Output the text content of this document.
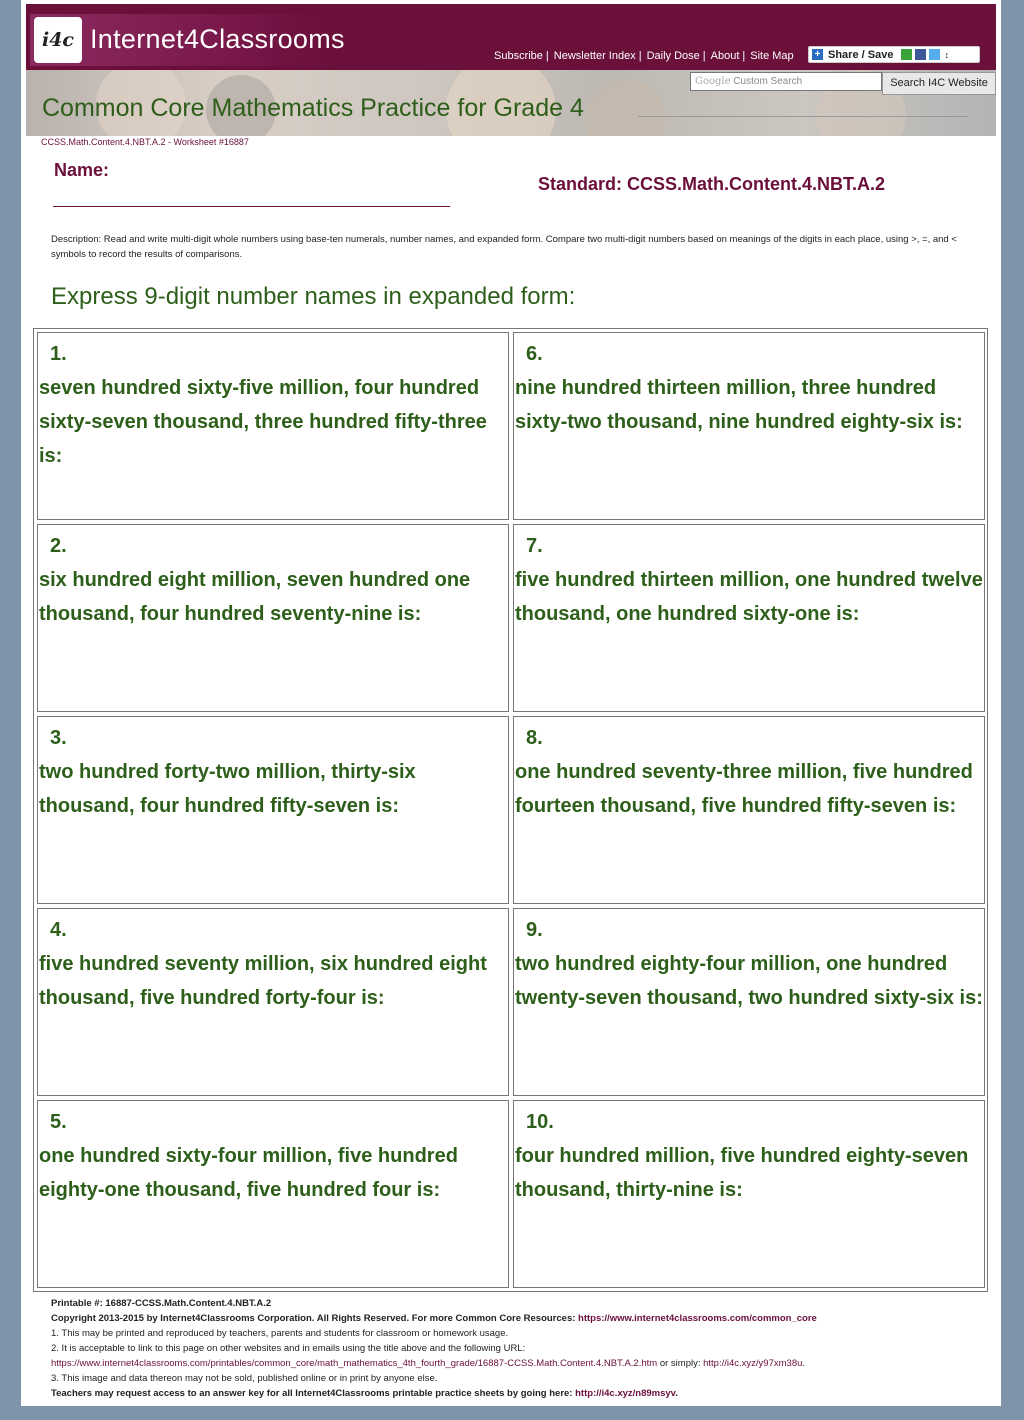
i4c Internet4Classrooms
Subscribe | Newsletter Index | Daily Dose | About | Site Map + Share / Save	↕
Google Custom Search	Search I4C Website
Common Core Mathematics Practice for Grade 4
CCSS.Math.Content.4.NBT.A.2 - Worksheet #16887
Name:
Standard: CCSS.Math.Content.4.NBT.A.2
Description: Read and write multi-digit whole numbers using base-ten numerals, number names, and expanded form. Compare two multi-digit numbers based on meanings of the digits in each place, using >, =, and < symbols to record the results of comparisons.
Express 9-digit number names in expanded form:
1.
seven hundred sixty-five million, four hundred sixty-seven thousand, three hundred fifty-three is:
2.
six hundred eight million, seven hundred one thousand, four hundred seventy-nine is:
3.
two hundred forty-two million, thirty-six thousand, four hundred fifty-seven is:
4.
five hundred seventy million, six hundred eight thousand, five hundred forty-four is:
5.
one hundred sixty-four million, five hundred eighty-one thousand, five hundred four is:
6.
nine hundred thirteen million, three hundred sixty-two thousand, nine hundred eighty-six is:
7.
five hundred thirteen million, one hundred twelve thousand, one hundred sixty-one is:
8.
one hundred seventy-three million, five hundred fourteen thousand, five hundred fifty-seven is:
9.
two hundred eighty-four million, one hundred twenty-seven thousand, two hundred sixty-six is:
10.
four hundred million, five hundred eighty-seven thousand, thirty-nine is:
Printable #: 16887-CCSS.Math.Content.4.NBT.A.2
Copyright 2013-2015 by Internet4Classrooms Corporation. All Rights Reserved. For more Common Core Resources: https://www.internet4classrooms.com/common_core
1. This may be printed and reproduced by teachers, parents and students for classroom or homework usage.
2. It is acceptable to link to this page on other websites and in emails using the title above and the following URL:
https://www.internet4classrooms.com/printables/common_core/math_mathematics_4th_fourth_grade/16887-CCSS.Math.Content.4.NBT.A.2.htm or simply: http://i4c.xyz/y97xm38u.
3. This image and data thereon may not be sold, published online or in print by anyone else.
Teachers may request access to an answer key for all Internet4Classrooms printable practice sheets by going here: http://i4c.xyz/n89msyv.
